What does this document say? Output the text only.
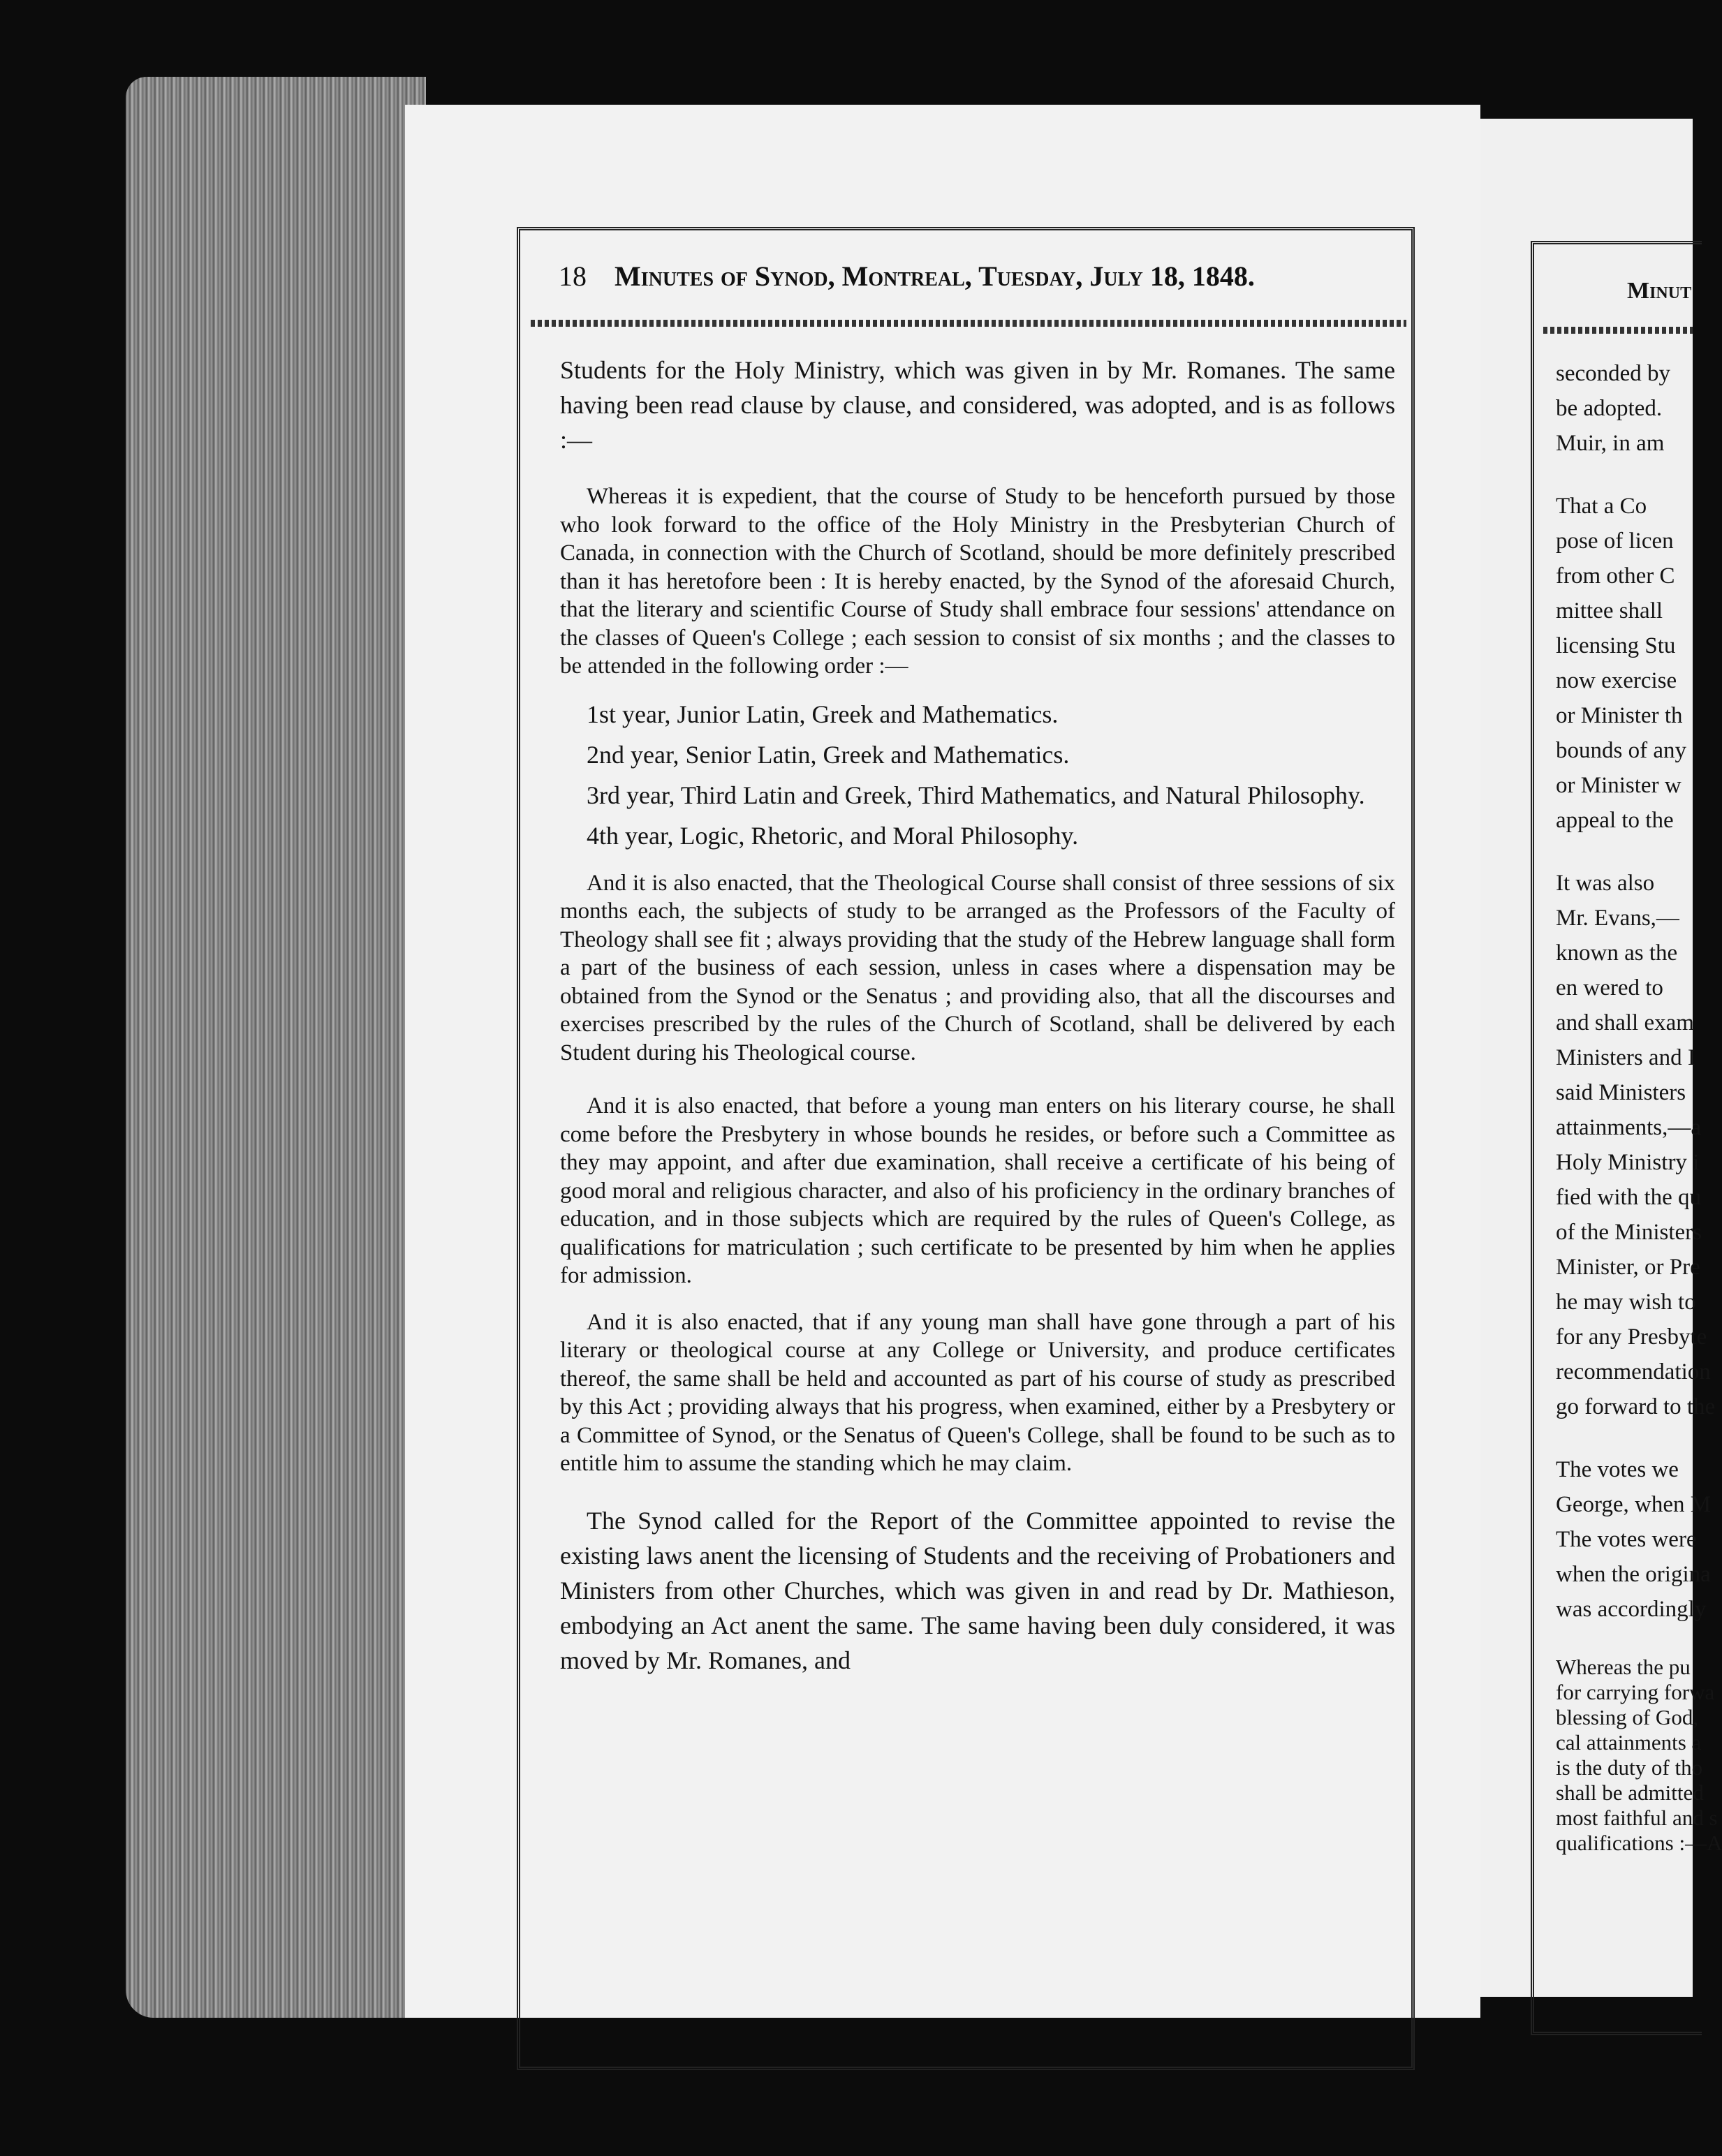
18 Minutes of Synod, Montreal, Tuesday, July 18, 1848.

Students for the Holy Ministry, which was given in by Mr. Romanes. The same having been read clause by clause, and considered, was adopted, and is as follows :—

Whereas it is expedient, that the course of Study to be henceforth pursued by those who look forward to the office of the Holy Ministry in the Presbyterian Church of Canada, in connection with the Church of Scotland, should be more definitely prescribed than it has heretofore been : It is hereby enacted, by the Synod of the aforesaid Church, that the literary and scientific Course of Study shall embrace four sessions' attendance on the classes of Queen's College ; each session to consist of six months ; and the classes to be attended in the following order :—

1st year, Junior Latin, Greek and Mathematics.

2nd year, Senior Latin, Greek and Mathematics.

3rd year, Third Latin and Greek, Third Mathematics, and Natural Philosophy.

4th year, Logic, Rhetoric, and Moral Philosophy.

And it is also enacted, that the Theological Course shall consist of three sessions of six months each, the subjects of study to be arranged as the Professors of the Faculty of Theology shall see fit ; always providing that the study of the Hebrew language shall form a part of the business of each session, unless in cases where a dispensation may be obtained from the Synod or the Senatus ; and providing also, that all the discourses and exercises prescribed by the rules of the Church of Scotland, shall be delivered by each Student during his Theological course.

And it is also enacted, that before a young man enters on his literary course, he shall come before the Presbytery in whose bounds he resides, or before such a Committee as they may appoint, and after due examination, shall receive a certificate of his being of good moral and religious character, and also of his proficiency in the ordinary branches of education, and in those subjects which are required by the rules of Queen's College, as qualifications for matriculation ; such certificate to be presented by him when he applies for admission.

And it is also enacted, that if any young man shall have gone through a part of his literary or theological course at any College or University, and produce certificates thereof, the same shall be held and accounted as part of his course of study as prescribed by this Act ; providing always that his progress, when examined, either by a Presbytery or a Committee of Synod, or the Senatus of Queen's College, shall be found to be such as to entitle him to assume the standing which he may claim.

The Synod called for the Report of the Committee appointed to revise the existing laws anent the licensing of Students and the receiving of Probationers and Ministers from other Churches, which was given in and read by Dr. Mathieson, embodying an Act anent the same. The same having been duly considered, it was moved by Mr. Romanes, and

Minut
seconded by
be adopted.
Muir, in am
That a Co
pose of licen
from other C
mittee shall
licensing Stu
now exercise
or Minister th
bounds of any
or Minister w
appeal to the
It was also
Mr. Evans,—
known as the
en wered to
and shall exam
Ministers and I
said Ministers
attainments,—a
Holy Ministry i
fied with the qu
of the Ministers
Minister, or Pre
he may wish to
for any Presbyte
recommendation
go forward to the
The votes we
George, when M
The votes were
when the origina
was accordingly
Whereas the pu
for carrying forwa
blessing of God,
cal attainments a
is the duty of tho
shall be admitted
most faithful and s
qualifications :—A
